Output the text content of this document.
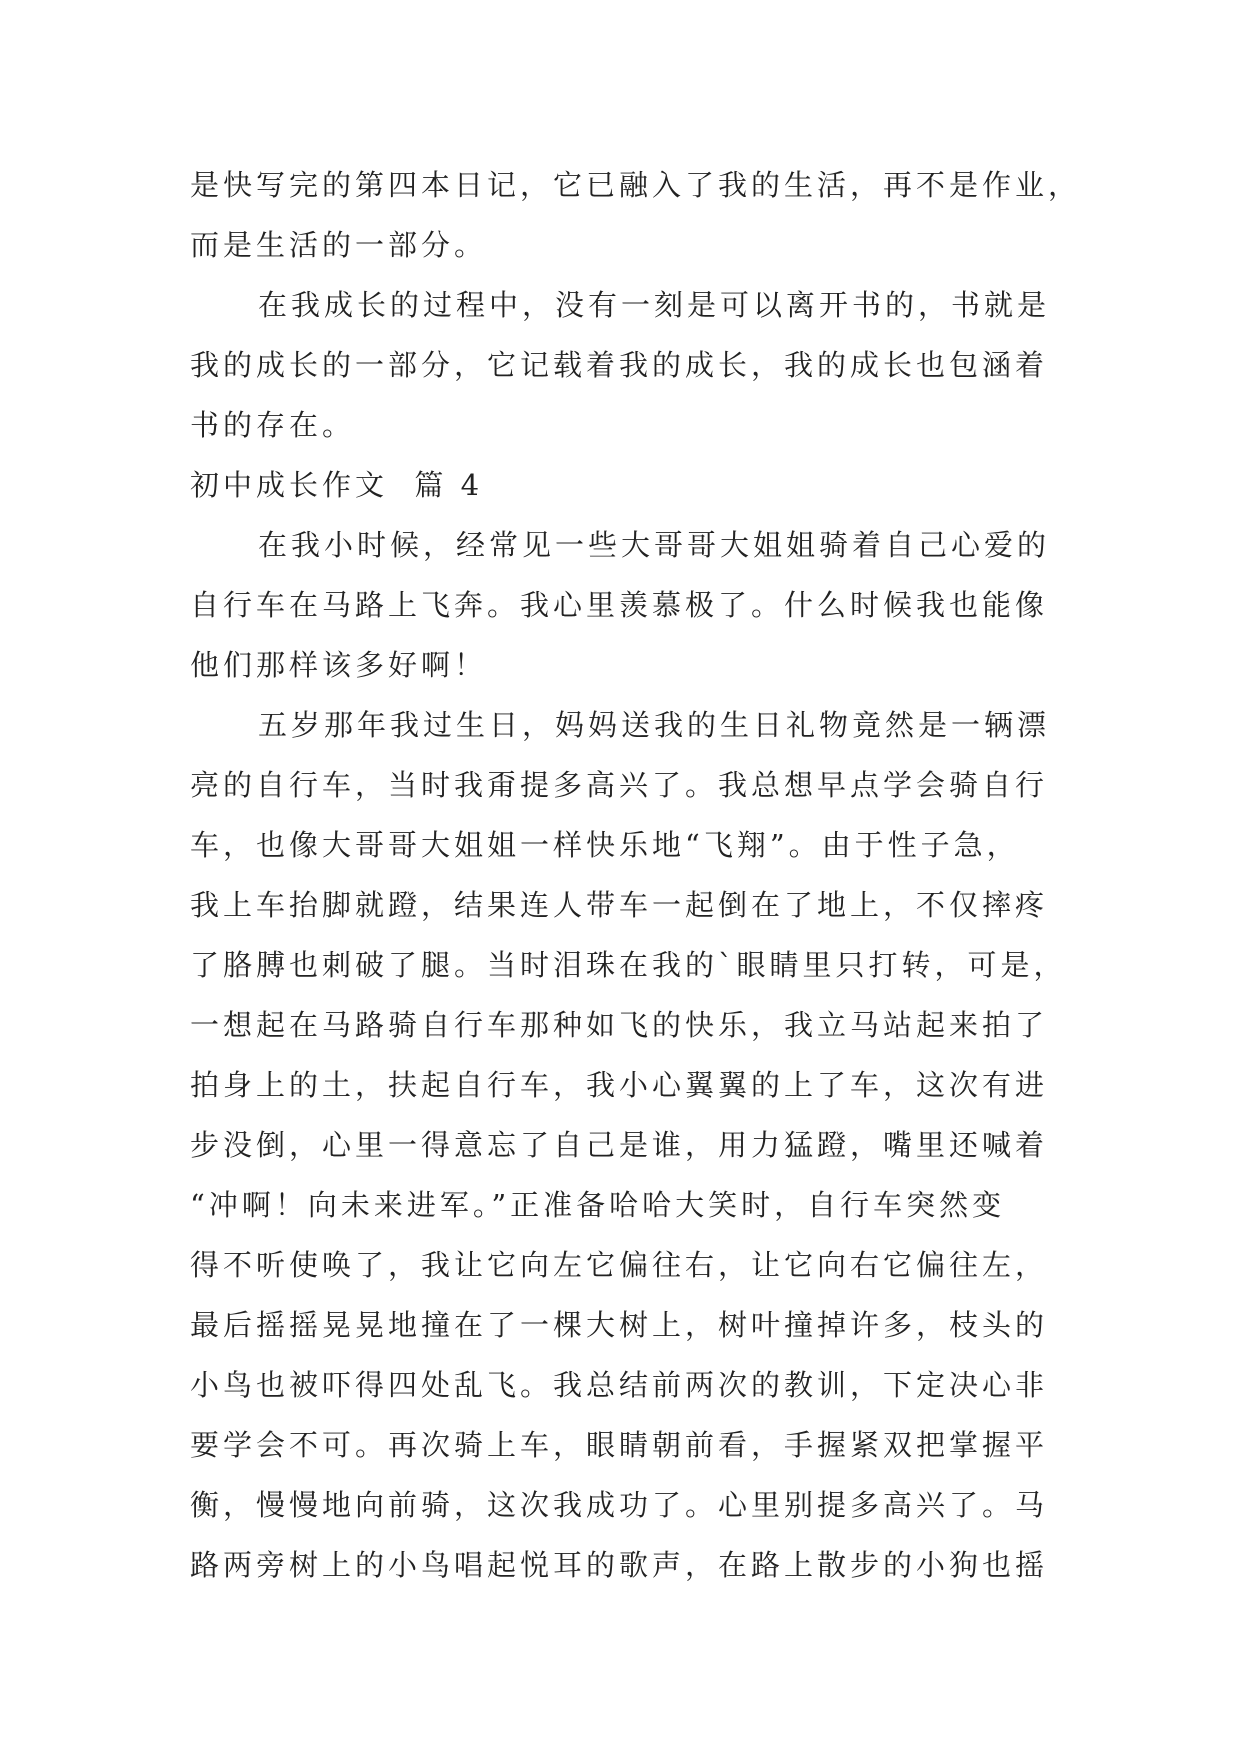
是快写完的第四本日记，它已融入了我的生活，再不是作业，
而是生活的一部分。
在我成长的过程中，没有一刻是可以离开书的，书就是
我的成长的一部分，它记载着我的成长，我的成长也包涵着
书的存在。
初中成长作文  篇 4
在我小时候，经常见一些大哥哥大姐姐骑着自己心爱的
自行车在马路上飞奔。我心里羡慕极了。什么时候我也能像
他们那样该多好啊！
五岁那年我过生日，妈妈送我的生日礼物竟然是一辆漂
亮的自行车，当时我甭提多高兴了。我总想早点学会骑自行
车，也像大哥哥大姐姐一样快乐地“飞翔”。由于性子急，
我上车抬脚就蹬，结果连人带车一起倒在了地上，不仅摔疼
了胳膊也刺破了腿。当时泪珠在我的`眼睛里只打转，可是，
一想起在马路骑自行车那种如飞的快乐，我立马站起来拍了
拍身上的土，扶起自行车，我小心翼翼的上了车，这次有进
步没倒，心里一得意忘了自己是谁，用力猛蹬，嘴里还喊着
“冲啊！向未来进军。”正准备哈哈大笑时，自行车突然变
得不听使唤了，我让它向左它偏往右，让它向右它偏往左，
最后摇摇晃晃地撞在了一棵大树上，树叶撞掉许多，枝头的
小鸟也被吓得四处乱飞。我总结前两次的教训，下定决心非
要学会不可。再次骑上车，眼睛朝前看，手握紧双把掌握平
衡，慢慢地向前骑，这次我成功了。心里别提多高兴了。马
路两旁树上的小鸟唱起悦耳的歌声，在路上散步的小狗也摇
